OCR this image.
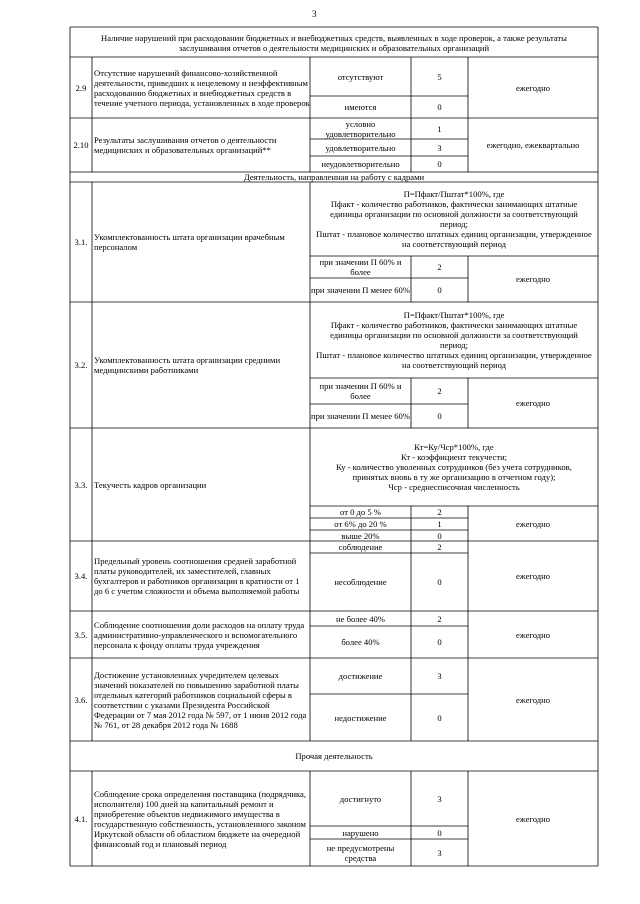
3
Наличие нарушений при расходовании бюджетных и внебюджетных средств, выявленных в ходе проверок, а также результаты заслушивания отчетов о деятельности медицинских и образовательных организаций
2.9
Отсутствие нарушений финансово-хозяйственной деятельности, приведших к нецелевому и неэффективным расходованию бюджетных и внебюджетных средств в течение учетного периода, установленных в ходе проверок
отсутствуют	5
имеются	0
ежегодно
2.10 Результаты заслушивания отчетов о деятельности медицинских и образовательных организаций**
условно удовлетворительно	1
удовлетворительно	3
неудовлетворительно	0
ежегодно, ежеквартально
Деятельность, направленная на работу с кадрами
3.1. Укомплектованность штата организации врачебным персоналом
П=Пфакт/Пштат*100%, где
Пфакт - количество работников, фактически занимающих штатные единицы организации по основной должности за соответствующий период;
Пштат - плановое количество штатных единиц организации, утвержденное на соответствующий период
при значении П 60% и более	2
при значении П менее 60%	0
ежегодно
3.2. Укомплектованность штата организации средними медицинскими работниками
П=Пфакт/Пштат*100%, где
Пфакт - количество работников, фактически занимающих штатные единицы организации по основной должности за соответствующий период;
Пштат - плановое количество штатных единиц организации, утвержденное на соответствующий период
при значении П 60% и более	2
при значении П менее 60%	0
ежегодно
3.3. Текучесть кадров организации
Кт=Ку/Чср*100%, где
Кт - коэффициент текучести;
Ку - количество уволенных сотрудников (без учета сотрудников, принятых вновь в ту же организацию в отчетном году);
Чср - среднесписочная численность
от 0 до 5 %	2
от 6% до 20 %	1
выше 20%	0
ежегодно
3.4.
Предельный уровень соотношения средней заработной платы руководителей, их заместителей, главных бухгалтеров и работников организации в кратности от 1 до 6 с учетом сложности и объема выполняемой работы
соблюдение	2
несоблюдение	0
ежегодно
3.5.
Соблюдение соотношения доли расходов на оплату труда административно-управленческого и вспомогательного персонала к фонду оплаты труда учреждения
не более 40%	2
более 40%	0
ежегодно
3.6.
Достижение установленных учредителем целевых значений показателей по повышению заработной платы отдельных категорий работников социальной сферы в соответствии с указами Президента Российской Федерации от 7 мая 2012 года № 597, от 1 июня 2012 года № 761, от 28 декабря 2012 года № 1688
достижение	3
недостижение	0
ежегодно
Прочая деятельность
4.1.
Соблюдение срока определения поставщика (подрядчика, исполнителя) 100 дней на капитальный ремонт и приобретение объектов недвижимого имущества в государственную собственность, установленного законом Иркутской области об областном бюджете на очередной финансовый год и плановый период
достигнуто	3
нарушено	0
не предусмотрены средства	3
ежегодно
